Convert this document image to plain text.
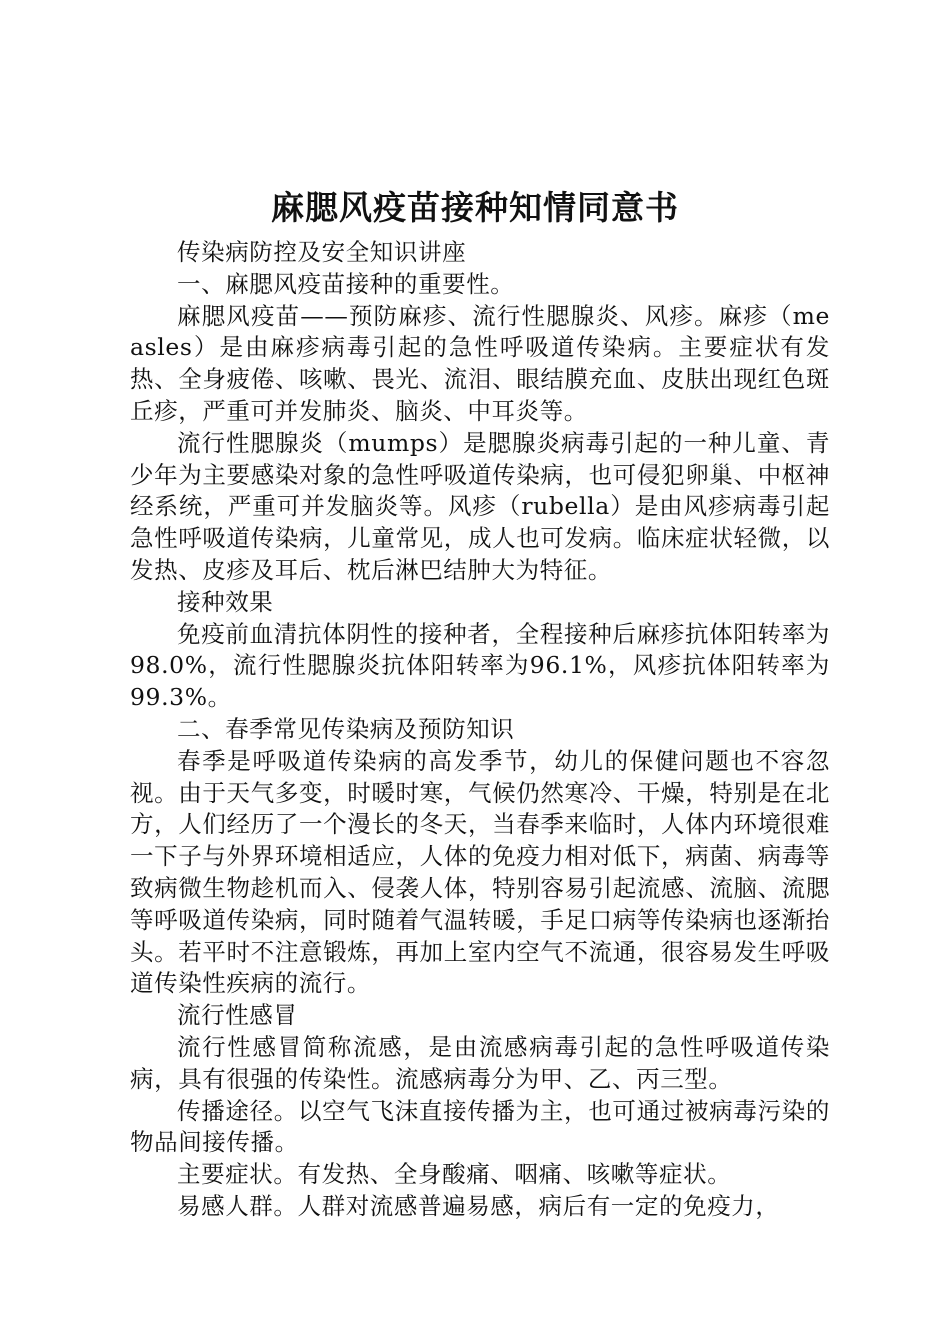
麻腮风疫苗接种知情同意书

传染病防控及安全知识讲座

一、麻腮风疫苗接种的重要性。

麻腮风疫苗——预防麻疹、流行性腮腺炎、风疹。麻疹（measles）是由麻疹病毒引起的急性呼吸道传染病。主要症状有发热、全身疲倦、咳嗽、畏光、流泪、眼结膜充血、皮肤出现红色斑丘疹，严重可并发肺炎、脑炎、中耳炎等。

流行性腮腺炎（mumps）是腮腺炎病毒引起的一种儿童、青少年为主要感染对象的急性呼吸道传染病，也可侵犯卵巢、中枢神经系统，严重可并发脑炎等。风疹（rubella）是由风疹病毒引起急性呼吸道传染病，儿童常见，成人也可发病。临床症状轻微，以发热、皮疹及耳后、枕后淋巴结肿大为特征。

接种效果

免疫前血清抗体阴性的接种者，全程接种后麻疹抗体阳转率为98.0%，流行性腮腺炎抗体阳转率为96.1%，风疹抗体阳转率为99.3%。

二、春季常见传染病及预防知识

春季是呼吸道传染病的高发季节，幼儿的保健问题也不容忽视。由于天气多变，时暖时寒，气候仍然寒冷、干燥，特别是在北方，人们经历了一个漫长的冬天，当春季来临时，人体内环境很难一下子与外界环境相适应，人体的免疫力相对低下，病菌、病毒等致病微生物趁机而入、侵袭人体，特别容易引起流感、流脑、流腮等呼吸道传染病，同时随着气温转暖，手足口病等传染病也逐渐抬头。若平时不注意锻炼，再加上室内空气不流通，很容易发生呼吸道传染性疾病的流行。

流行性感冒

流行性感冒简称流感，是由流感病毒引起的急性呼吸道传染病，具有很强的传染性。流感病毒分为甲、乙、丙三型。

传播途径。以空气飞沫直接传播为主，也可通过被病毒污染的物品间接传播。

主要症状。有发热、全身酸痛、咽痛、咳嗽等症状。

易感人群。人群对流感普遍易感，病后有一定的免疫力，
